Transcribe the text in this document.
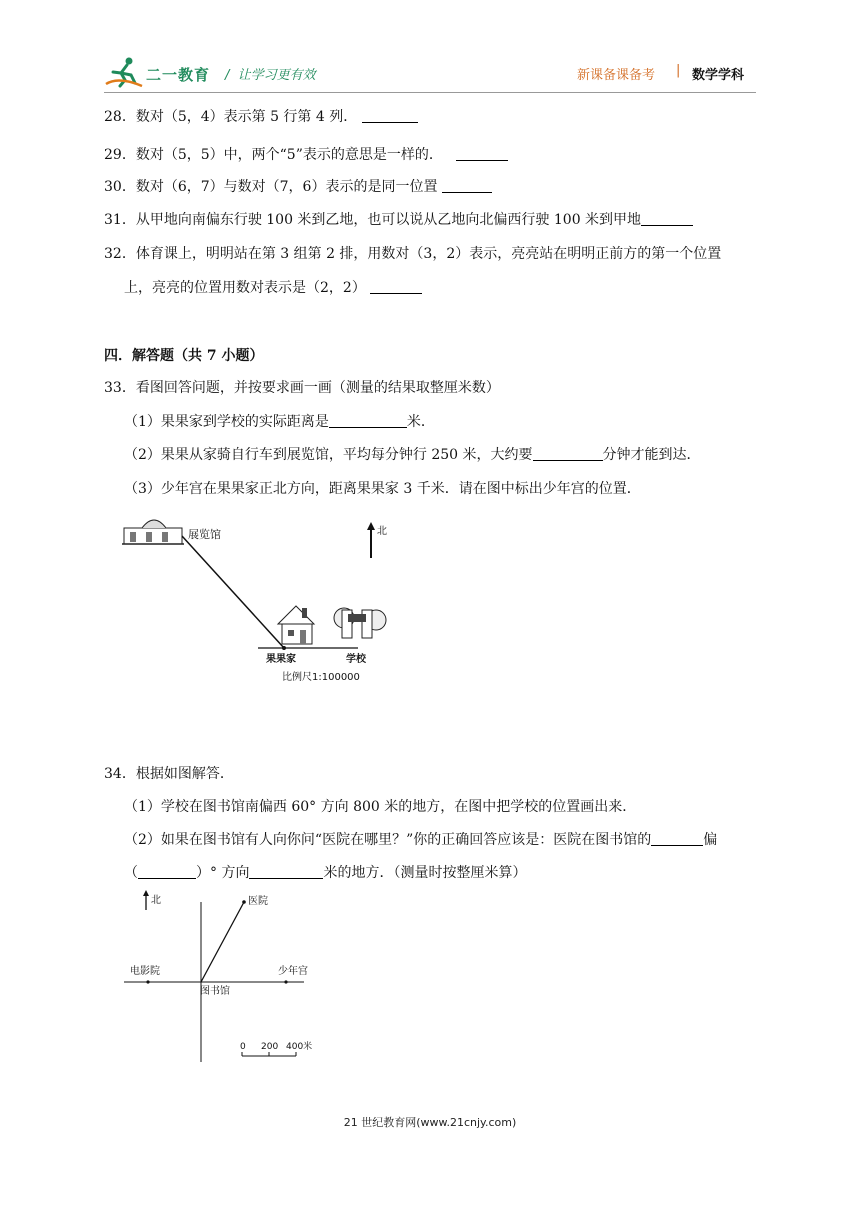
二一教育 /  让学习更有效	新课备课备考 | 数学学科
28．数对（5，4）表示第 5 行第 4 列．
29．数对（5，5）中，两个“5”表示的意思是一样的．
30．数对（6，7）与数对（7，6）表示的是同一位置
31．从甲地向南偏东行驶 100 米到乙地，也可以说从乙地向北偏西行驶 100 米到甲地
32．体育课上，明明站在第 3 组第 2 排，用数对（3，2）表示，亮亮站在明明正前方的第一个位置
上，亮亮的位置用数对表示是（2，2）
四．解答题（共 7 小题）
33．看图回答问题，并按要求画一画（测量的结果取整厘米数）
（1）果果家到学校的实际距离是	米．
（2）果果从家骑自行车到展览馆，平均每分钟行 250 米，大约要	分钟才能到达．
（3）少年宫在果果家正北方向，距离果果家 3 千米．请在图中标出少年宫的位置．
展览馆	北
果果家	学校
比例尺1:100000
34．根据如图解答．
（1）学校在图书馆南偏西 60° 方向 800 米的地方，在图中把学校的位置画出来．
（2）如果在图书馆有人向你问“医院在哪里？”你的正确回答应该是：医院在图书馆的	偏
（	）° 方向	米的地方．（测量时按整厘米算）
北	医院
电影院	少年宫
图书馆
0 200 400米
21 世纪教育网(www.21cnjy.com)
